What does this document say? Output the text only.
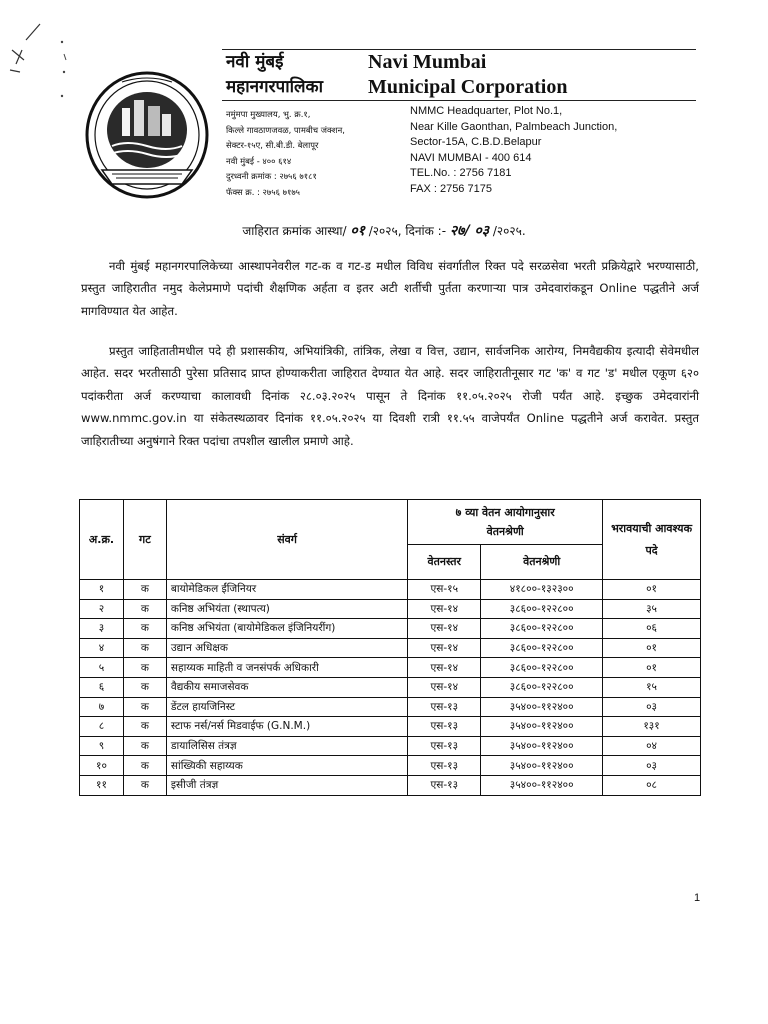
नवी मुंबई
महानगरपालिका
Navi Mumbai
Municipal Corporation
नमुंमपा मुख्यालय, भु. क्र.१,
किल्ले गावठाणजवळ, पामबीच जंक्शन,
सेक्टर-१५ए, सी.बी.डी. बेलापूर
नवी मुंबई - ४०० ६१४
दुरध्वनी क्रमांक : २७५६ ७१८१
फॅक्स क्र. : २७५६ ७१७५
NMMC Headquarter, Plot No.1,
Near Kille Gaonthan, Palmbeach Junction,
Sector-15A, C.B.D.Belapur
NAVI MUMBAI - 400 614
TEL.No. : 2756 7181
FAX : 2756 7175
जाहिरात क्रमांक आस्था/ ०१ /२०२५, दिनांक :- २७/ ०३ /२०२५.
नवी मुंबई महानगरपालिकेच्या आस्थापनेवरील गट-क व गट-ड मधील विविध संवर्गातील रिक्त पदे सरळसेवा भरती प्रक्रियेद्वारे भरण्यासाठी, प्रस्तुत जाहिरातीत नमुद केलेप्रमाणे पदांची शैक्षणिक अर्हता व इतर अटी शर्तीची पुर्तता करणाऱ्या पात्र उमेदवारांकडून Online पद्धतीने अर्ज मागविण्यात येत आहेत.
प्रस्तुत जाहितातीमधील पदे ही प्रशासकीय, अभियांत्रिकी, तांत्रिक, लेखा व वित्त, उद्यान, सार्वजनिक आरोग्य, निमवैद्यकीय इत्यादी सेवेमधील आहेत. सदर भरतीसाठी पुरेसा प्रतिसाद प्राप्त होण्याकरीता जाहिरात देण्यात येत आहे. सदर जाहिरातीनूसार गट 'क' व गट 'ड' मधील एकूण ६२० पदांकरीता अर्ज करण्याचा कालावधी दिनांक २८.०३.२०२५ पासून ते दिनांक ११.०५.२०२५ रोजी पर्यंत आहे. इच्छुक उमेदवारांनी www.nmmc.gov.in या संकेतस्थळावर दिनांक ११.०५.२०२५ या दिवशी रात्री ११.५५ वाजेपर्यंत Online पद्धतीने अर्ज करावेत. प्रस्तुत जाहिरातीच्या अनुषंगाने रिक्त पदांचा तपशील खालील प्रमाणे आहे.
अ.क्र.	गट	संवर्ग	७ व्या वेतन आयोगानुसार वेतनश्रेणी		भरावयाची आवश्यक पदे
			वेतनस्तर	वेतनश्रेणी	
१	क	बायोमेडिकल ईंजिनियर	एस-१५	४१८००-१३२३००	०१
२	क	कनिष्ठ अभियंता (स्थापत्य)	एस-१४	३८६००-१२२८००	३५
३	क	कनिष्ठ अभियंता (बायोमेडिकल इंजिनियरींग)	एस-१४	३८६००-१२२८००	०६
४	क	उद्यान अधिक्षक	एस-१४	३८६००-१२२८००	०१
५	क	सहाय्यक माहिती व जनसंपर्क अधिकारी	एस-१४	३८६००-१२२८००	०१
६	क	वैद्यकीय समाजसेवक	एस-१४	३८६००-१२२८००	१५
७	क	डेंटल हायजिनिस्ट	एस-१३	३५४००-११२४००	०३
८	क	स्टाफ नर्स/नर्स मिडवाईफ (G.N.M.)	एस-१३	३५४००-११२४००	१३१
९	क	डायालिसिस तंत्रज्ञ	एस-१३	३५४००-११२४००	०४
१०	क	सांख्यिकी सहाय्यक	एस-१३	३५४००-११२४००	०३
११	क	इसीजी तंत्रज्ञ	एस-१३	३५४००-११२४००	०८
1
